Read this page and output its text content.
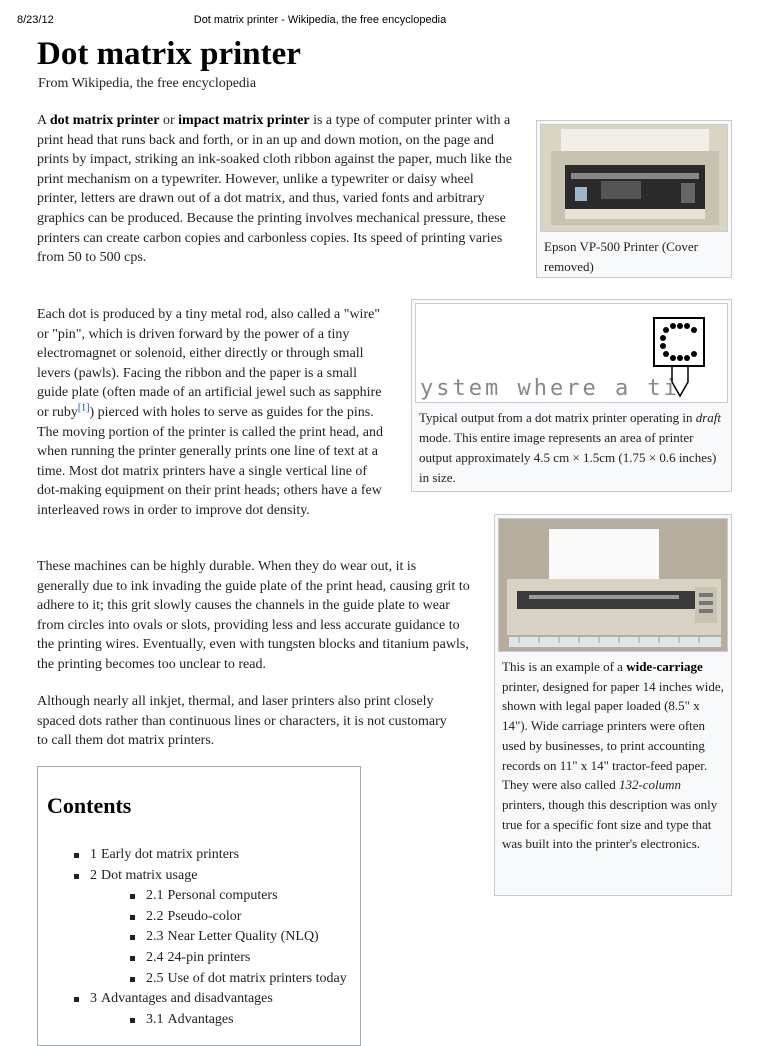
8/23/12	Dot matrix printer - Wikipedia, the free encyclopedia
Dot matrix printer
From Wikipedia, the free encyclopedia

A dot matrix printer or impact matrix printer is a type of computer printer with a print head that runs back and forth, or in an up and down motion, on the page and prints by impact, striking an ink-soaked cloth ribbon against the paper, much like the print mechanism on a typewriter. However, unlike a typewriter or daisy wheel printer, letters are drawn out of a dot matrix, and thus, varied fonts and arbitrary graphics can be produced. Because the printing involves mechanical pressure, these printers can create carbon copies and carbonless copies. Its speed of printing varies from 50 to 500 cps.

Epson VP-500 Printer (Cover removed)

Each dot is produced by a tiny metal rod, also called a "wire" or "pin", which is driven forward by the power of a tiny electromagnet or solenoid, either directly or through small levers (pawls). Facing the ribbon and the paper is a small guide plate (often made of an artificial jewel such as sapphire or ruby[1]) pierced with holes to serve as guides for the pins. The moving portion of the printer is called the print head, and when running the printer generally prints one line of text at a time. Most dot matrix printers have a single vertical line of dot-making equipment on their print heads; others have a few interleaved rows in order to improve dot density.

ystem where a ti

Typical output from a dot matrix printer operating in draft mode. This entire image represents an area of printer output approximately 4.5 cm × 1.5cm (1.75 × 0.6 inches) in size.

These machines can be highly durable. When they do wear out, it is generally due to ink invading the guide plate of the print head, causing grit to adhere to it; this grit slowly causes the channels in the guide plate to wear from circles into ovals or slots, providing less and less accurate guidance to the printing wires. Eventually, even with tungsten blocks and titanium pawls, the printing becomes too unclear to read.	This is an example of a wide-carriage printer, designed for paper 14 inches wide, shown with legal paper loaded (8.5" x 14"). Wide carriage printers were often used by businesses, to print accounting records on 11" x 14" tractor-feed paper. They were also called 132-column printers, though this description was only true for a specific font size and type that was built into the printer's electronics.

Although nearly all inkjet, thermal, and laser printers also print closely spaced dots rather than continuous lines or characters, it is not customary to call them dot matrix printers.

Contents
1 Early dot matrix printers
2 Dot matrix usage
2.1 Personal computers
2.2 Pseudo-color
2.3 Near Letter Quality (NLQ)
2.4 24-pin printers
2.5 Use of dot matrix printers today
3 Advantages and disadvantages
3.1 Advantages
